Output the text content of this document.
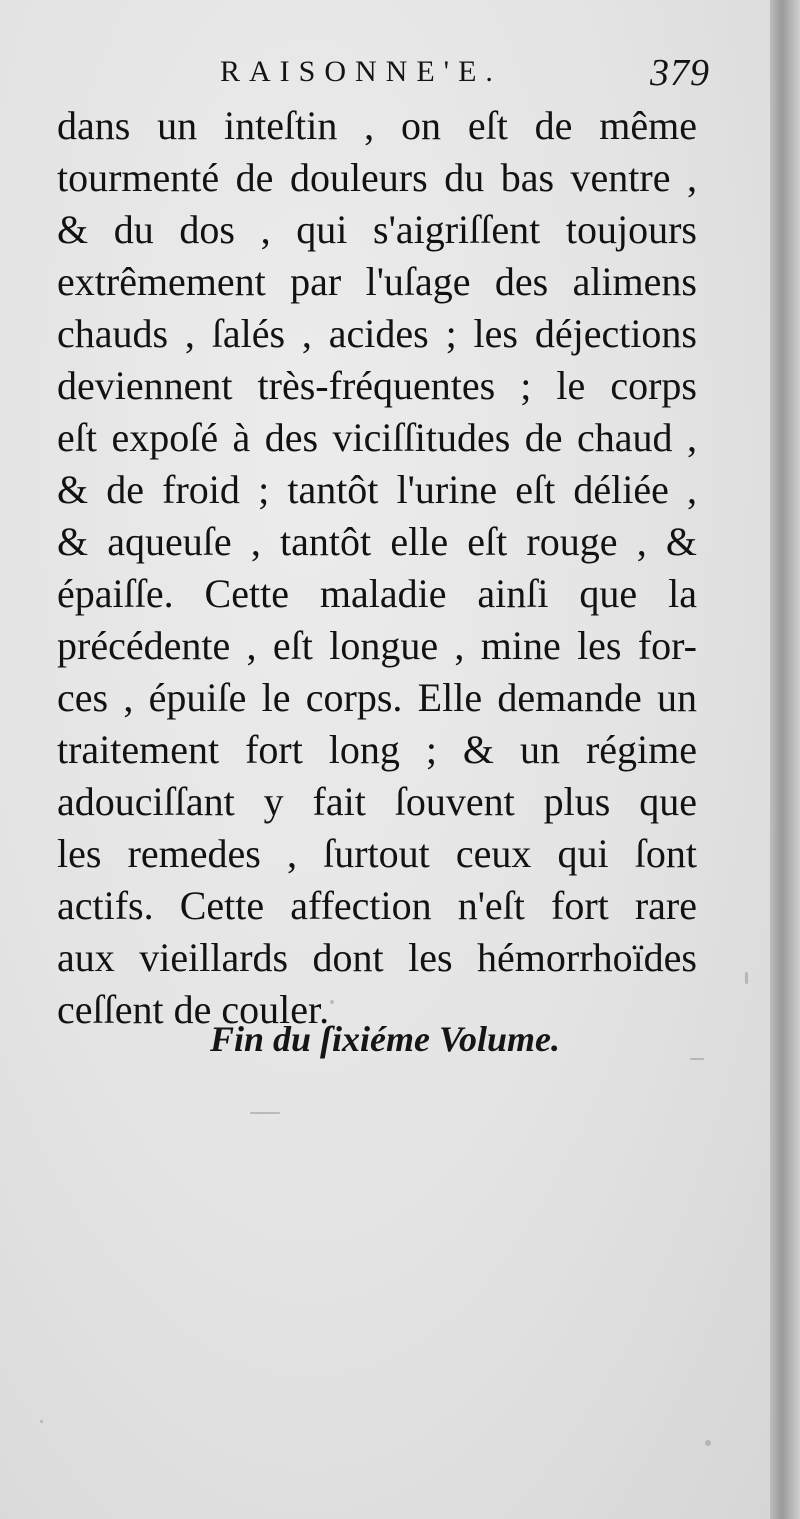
RAISONNE'E.	379
dans un inteſtin , on eſt de même
tourmenté de douleurs du bas ventre ,
& du dos , qui s'aigriſſent toujours
extrêmement par l'uſage des alimens
chauds , ſalés , acides ; les déjections
deviennent très-fréquentes ; le corps
eſt expoſé à des viciſſitudes de chaud ,
& de froid ; tantôt l'urine eſt déliée ,
& aqueuſe , tantôt elle eſt rouge , &
épaiſſe. Cette maladie ainſi que la
précédente , eſt longue , mine les for-
ces , épuiſe le corps. Elle demande un
traitement fort long ; & un régime
adouciſſant y fait ſouvent plus que
les remedes , ſurtout ceux qui ſont
actifs. Cette affection n'eſt fort rare
aux vieillards dont les hémorrhoïdes
ceſſent de couler.
Fin du ſixiéme Volume.
